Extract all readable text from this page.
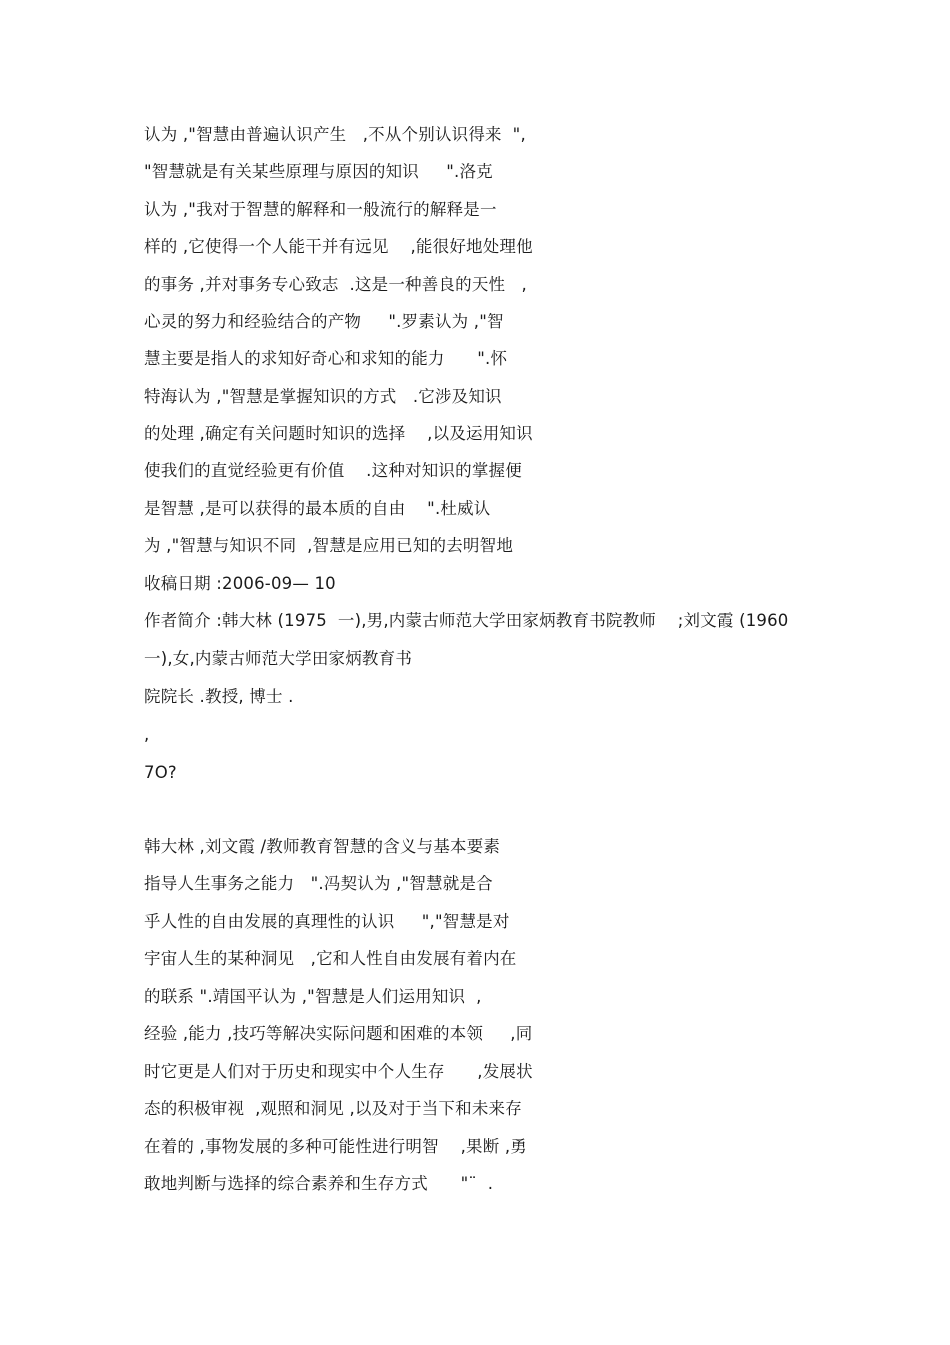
认为 ,"智慧由普遍认识产生   ,不从个别认识得来  ",
"智慧就是有关某些原理与原因的知识     ".洛克
认为 ,"我对于智慧的解释和一般流行的解释是一
样的 ,它使得一个人能干并有远见    ,能很好地处理他
的事务 ,并对事务专心致志  .这是一种善良的天性   ,
心灵的努力和经验结合的产物     ".罗素认为 ,"智
慧主要是指人的求知好奇心和求知的能力      ".怀
特海认为 ,"智慧是掌握知识的方式   .它涉及知识
的处理 ,确定有关问题时知识的选择    ,以及运用知识
使我们的直觉经验更有价值    .这种对知识的掌握便
是智慧 ,是可以获得的最本质的自由    ".杜威认
为 ,"智慧与知识不同  ,智慧是应用已知的去明智地
收稿日期 :2006-09— 10
作者简介 :韩大林 (1975  一),男,内蒙古师范大学田家炳教育书院教师    ;刘文霞 (1960
一),女,内蒙古师范大学田家炳教育书
院院长 .教授, 博士 .
,
7O?
韩大林 ,刘文霞 /教师教育智慧的含义与基本要素
指导人生事务之能力   ".冯契认为 ,"智慧就是合
乎人性的自由发展的真理性的认识     ","智慧是对
宇宙人生的某种洞见   ,它和人性自由发展有着内在
的联系 ".靖国平认为 ,"智慧是人们运用知识  ,
经验 ,能力 ,技巧等解决实际问题和困难的本领     ,同
时它更是人们对于历史和现实中个人生存      ,发展状
态的积极审视  ,观照和洞见 ,以及对于当下和未来存
在着的 ,事物发展的多种可能性进行明智    ,果断 ,勇
敢地判断与选择的综合素养和生存方式      "¨  .
